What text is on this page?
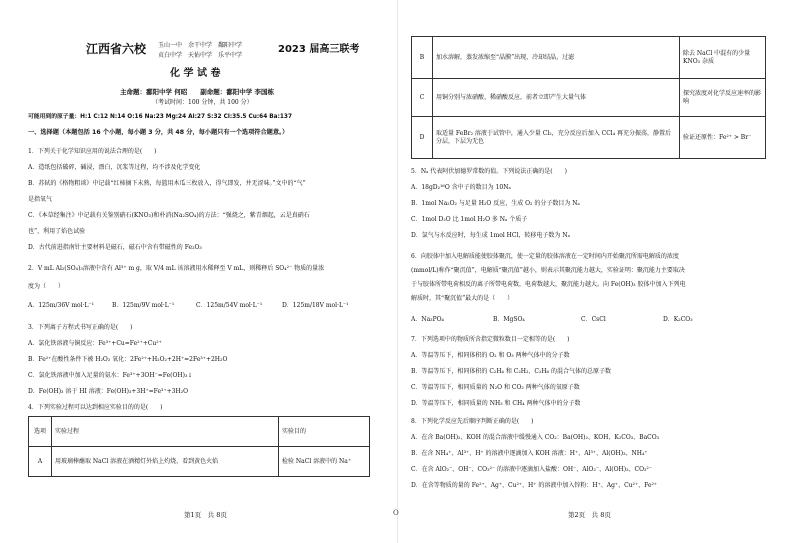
江西省六校 玉山一中　余干中学　鄱阳中学
贞白中学　天佑中学　乐平中学
2023 届高三联考
化 学 试 卷
主命题：鄱阳中学 何昭　　副命题：鄱阳中学 李国栋
（考试时间：100 分钟，共 100 分）
可能用到的原子量：H:1 C:12 N:14 O:16 Na:23 Mg:24 Al:27 S:32 Cl:35.5 Cu:64 Ba:137
一、选择题（本题包括 16 个小题，每小题 3 分，共 48 分，每小题只有一个选项符合题意。）
1．下列关于化学知识应用的说法合理的是(　　)
A．造纸包括破碎，碱浸，漂白，沉浆等过程，均不涉及化学变化
B．苏轼的《格物粗谈》中记载“红柿摘下未熟，每篮用木瓜三枚放入，得气即发，并无涩味。”文中的“气”
是指氧气
C．《本草经集注》中记载有关鉴别硝石(KNO₃)和朴消(Na₂SO₄)的方法：“强烧之，紫青烟起，云是真硝石
也”，利用了焰色试验
D．古代前进指南针主要材料是磁石，磁石中含有带磁性的 Fe₂O₃
2．V mL Al₂(SO₄)₃溶液中含有 Al³⁺ m g，取 V/4 mL 该溶液用水稀释至 V mL，则稀释后 SO₄²⁻ 物质的量浓
度为（　　）
A．125m/36V mol·L⁻¹	B．125m/9V mol·L⁻¹	C．125m/54V mol·L⁻¹	D．125m/18V mol·L⁻¹
3．下列离子方程式书写正确的是(　　)
A．氯化铁溶液与铜反应：Fe³⁺+Cu=Fe²⁺+Cu²⁺
B．Fe²⁺在酸性条件下被 H₂O₂ 氧化：2Fe²⁺+H₂O₂+2H⁺=2Fe³⁺+2H₂O
C．氯化铁溶液中加入足量的氨水：Fe³⁺+3OH⁻=Fe(OH)₃↓
D．Fe(OH)₃ 溶于 HI 溶液：Fe(OH)₃+3H⁺=Fe³⁺+3H₂O
4．下列实验过程可以达到相应实验目的的是(　　)
选项	实验过程	实验目的
A	用玻璃棒蘸取 NaCl 溶液在酒精灯外焰上灼烧，看到黄色火焰	检验 NaCl 溶液中的 Na⁺
第1页　共 8页	O
B	加水溶解，蒸发浓缩至“晶膜”出现，冷却结晶，过滤	除去 NaCl 中混有的少量 KNO₃ 杂质
C	用铜分别与浓硝酸、稀硝酸反应，前者立即产生大量气体	探究浓度对化学反应速率的影响
D	取适量 FeBr₂ 溶液于试管中，通入少量 Cl₂，充分反应后加入 CCl₄ 再充分振荡，静置后分层，下层为无色	验证还原性：Fe²⁺ > Br⁻
5．Nₐ 代表阿伏加德罗常数的值。下列说法正确的是(　　)
A．18gD₂¹⁶O 含中子的数目为 10Nₐ
B．1mol Na₂O₂ 与足量 H₂O 反应，生成 O₂ 的分子数目为 Nₐ
C．1mol D₂O 比 1mol H₂O 多 Nₐ 个质子
D．氯气与水反应时，每生成 1mol HCl，转移电子数为 Nₐ
6．向胶体中加入电解质能使胶体聚沉，使一定量的胶体溶液在一定时间内开始聚沉所需电解质的浓度
(mmol/L)称作“聚沉值”，电解质“聚沉值”越小，则表示其聚沉能力越大，实验证明：聚沉能力主要取决
于与胶体所带电荷相反的离子所带电荷数，电荷数越大，聚沉能力越大。向 Fe(OH)₃ 胶体中加入下列电
解质时，其“聚沉值”最大的是（　　）
A．Na₃PO₄	B．MgSO₄	C．CsCl	D．K₂CO₃
7．下列选项中的物质所含指定微粒数目一定相等的是(　　)
A．等温等压下，相同体积的 O₂ 和 O₃ 两种气体中的分子数
B．等温等压下，相同体积的 C₂H₄ 和 C₂H₂、C₂H₆ 的混合气体的总原子数
C．等温等压下，相同质量的 N₂O 和 CO₂ 两种气体的氧原子数
D．等温等压下，相同质量的 NH₃ 和 CH₄ 两种气体中的分子数
8．下列化学反应先后顺序判断正确的是(　　)
A．在含 Ba(OH)₂、KOH 的混合溶液中缓慢通入 CO₂：Ba(OH)₂、KOH、K₂CO₃、BaCO₃
B．在含 NH₄⁺、Al³⁺、H⁺ 的溶液中逐滴加入 KOH 溶液：H⁺、Al³⁺、Al(OH)₃、NH₄⁺
C．在含 AlO₂⁻、OH⁻、CO₃²⁻ 的溶液中逐滴加入盐酸：OH⁻、AlO₂⁻、Al(OH)₃、CO₃²⁻
D．在含等物质的量的 Fe²⁺、Ag⁺、Cu²⁺、H⁺ 的溶液中加入锌粉：H⁺、Ag⁺、Cu²⁺、Fe²⁺
第2页　共 8页
